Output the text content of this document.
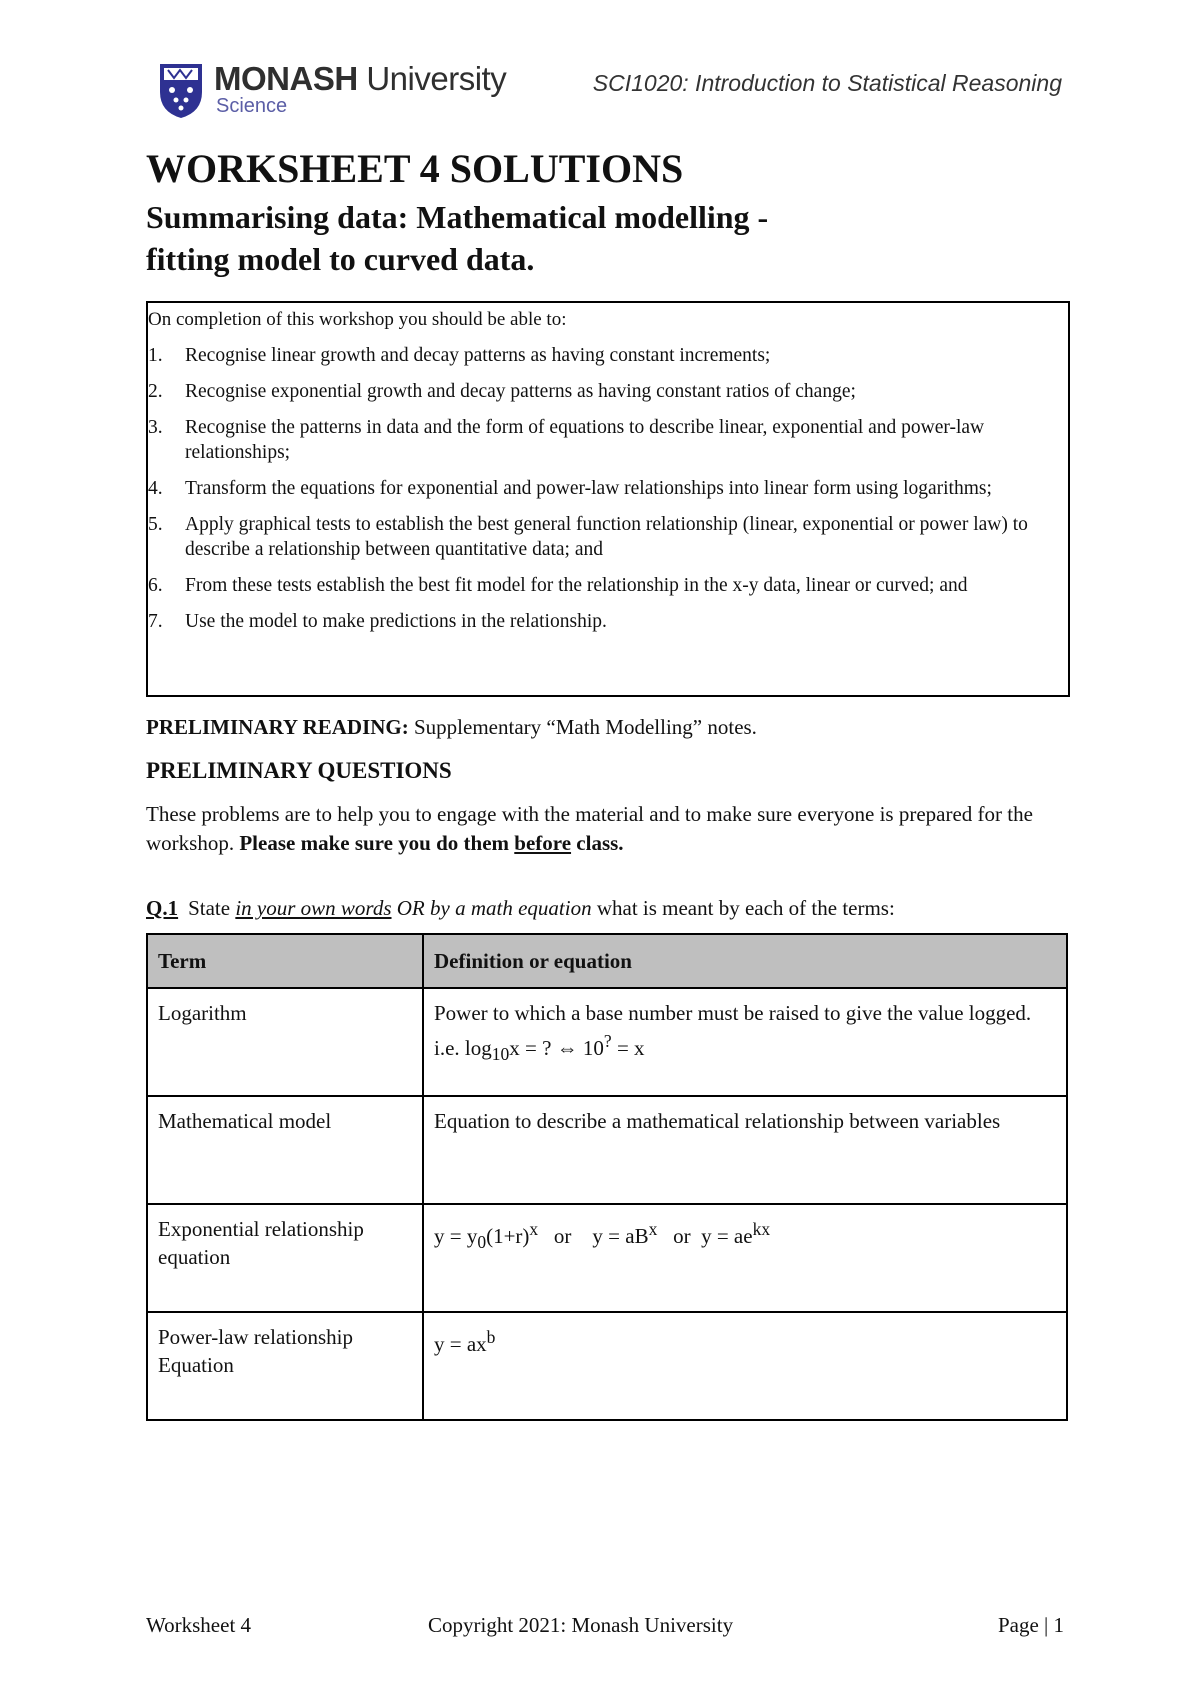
MONASH University
Science
SCI1020: Introduction to Statistical Reasoning
WORKSHEET 4 SOLUTIONS
Summarising data: Mathematical modelling -
fitting model to curved data.
On completion of this workshop you should be able to:
1. Recognise linear growth and decay patterns as having constant increments;
2. Recognise exponential growth and decay patterns as having constant ratios of change;
3. Recognise the patterns in data and the form of equations to describe linear, exponential and power-law relationships;
4. Transform the equations for exponential and power-law relationships into linear form using logarithms;
5. Apply graphical tests to establish the best general function relationship (linear, exponential or power law) to describe a relationship between quantitative data; and
6. From these tests establish the best fit model for the relationship in the x-y data, linear or curved; and
7. Use the model to make predictions in the relationship.
PRELIMINARY READING: Supplementary “Math Modelling” notes.
PRELIMINARY QUESTIONS
These problems are to help you to engage with the material and to make sure everyone is prepared for the workshop. Please make sure you do them before class.
Q.1 State in your own words OR by a math equation what is meant by each of the terms:
Term	Definition or equation
Logarithm	Power to which a base number must be raised to give the value logged. i.e. $\log_{10}x$ = ? ⇔ 10? = x
Mathematical model	Equation to describe a mathematical relationship between variables
Exponential relationship equation	$y = y_0(1+r)^x$   or    $y = aB^x$   or  $y = ae^{kx}$
Power-law relationship Equation	$y = ax^b$
Worksheet 4	Copyright 2021: Monash University	Page | 1
